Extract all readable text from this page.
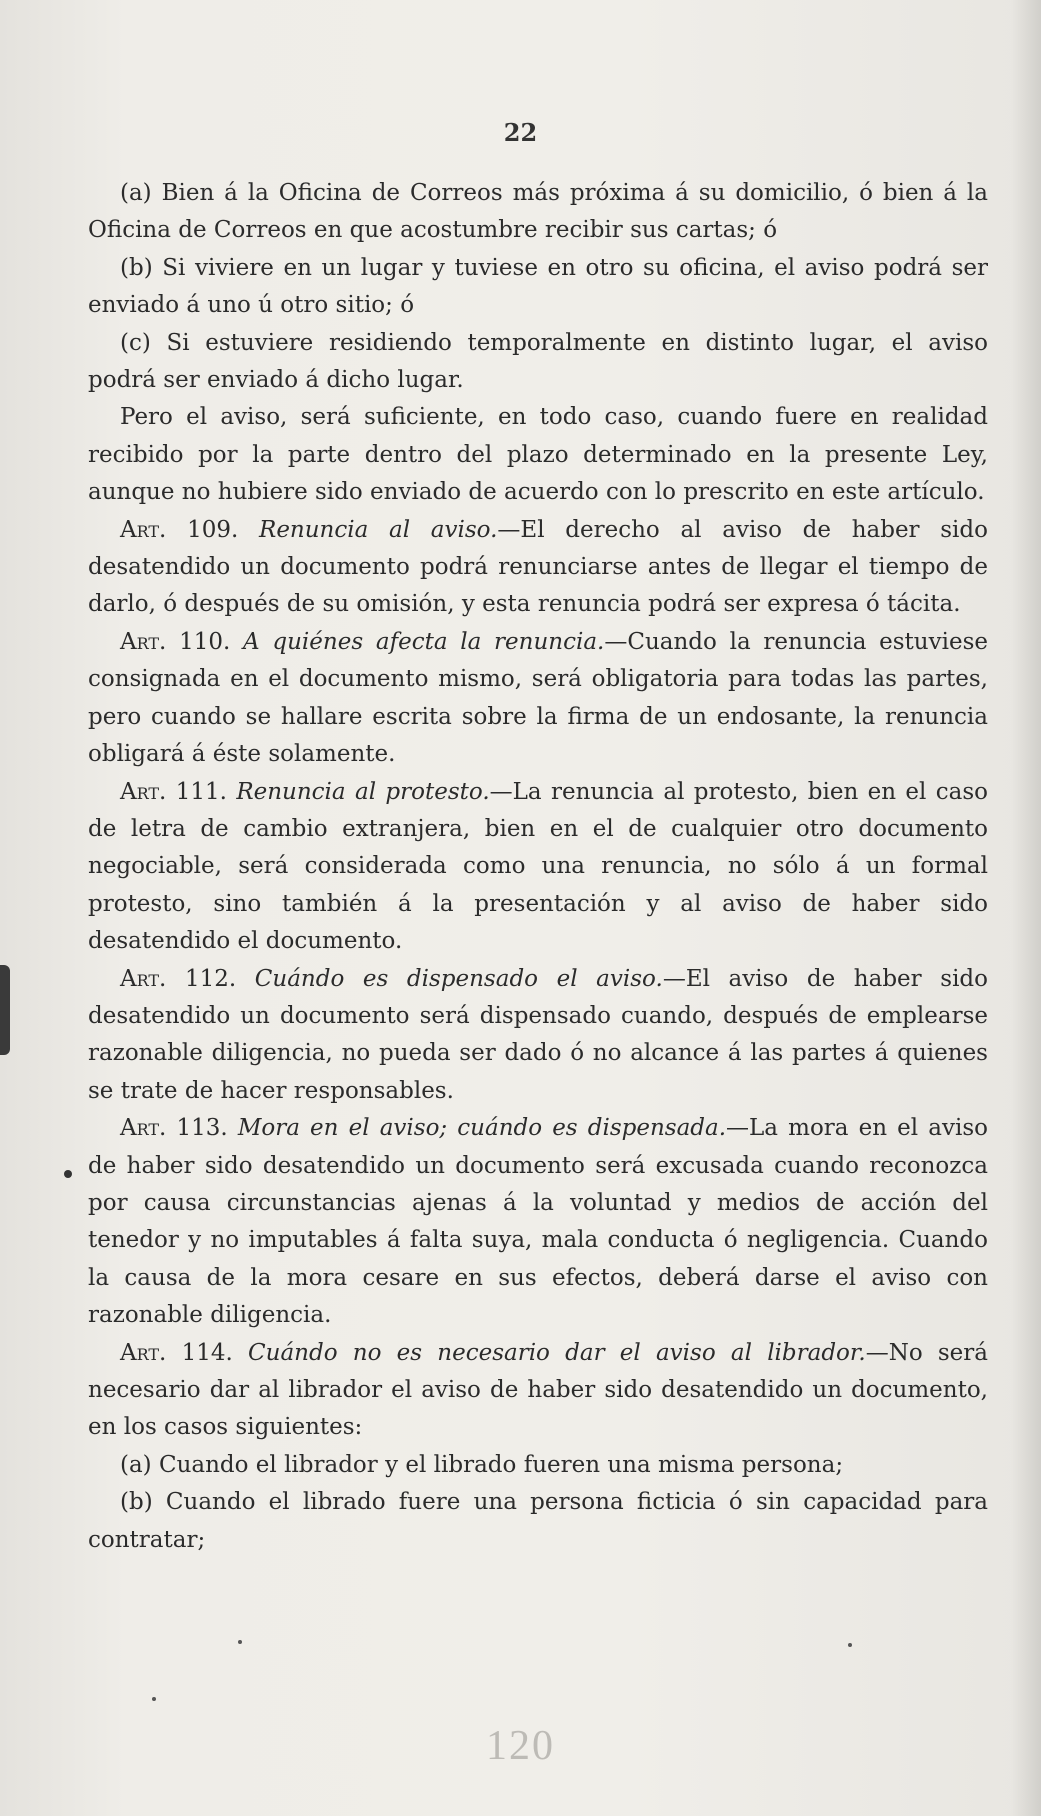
22

(a) Bien á la Oficina de Correos más próxima á su domicilio, ó bien á la Oficina de Correos en que acostumbre recibir sus cartas; ó

(b) Si viviere en un lugar y tuviese en otro su oficina, el aviso podrá ser enviado á uno ú otro sitio; ó

(c) Si estuviere residiendo temporalmente en distinto lugar, el aviso podrá ser enviado á dicho lugar.

Pero el aviso, será suficiente, en todo caso, cuando fuere en realidad recibido por la parte dentro del plazo determinado en la presente Ley, aunque no hubiere sido enviado de acuerdo con lo prescrito en este artículo.

Art. 109. Renuncia al aviso.—El derecho al aviso de haber sido desatendido un documento podrá renunciarse antes de llegar el tiempo de darlo, ó después de su omisión, y esta renuncia podrá ser expresa ó tácita.

Art. 110. A quiénes afecta la renuncia.—Cuando la renuncia estuviese consignada en el documento mismo, será obligatoria para todas las partes, pero cuando se hallare escrita sobre la firma de un endosante, la renuncia obligará á éste solamente.

Art. 111. Renuncia al protesto.—La renuncia al protesto, bien en el caso de letra de cambio extranjera, bien en el de cualquier otro documento negociable, será considerada como una renuncia, no sólo á un formal protesto, sino también á la presentación y al aviso de haber sido desatendido el documento.

Art. 112. Cuándo es dispensado el aviso.—El aviso de haber sido desatendido un documento será dispensado cuando, después de emplearse razonable diligencia, no pueda ser dado ó no alcance á las partes á quienes se trate de hacer responsables.

Art. 113. Mora en el aviso; cuándo es dispensada.—La mora en el aviso de haber sido desatendido un documento será excusada cuando reconozca por causa circunstancias ajenas á la voluntad y medios de acción del tenedor y no imputables á falta suya, mala conducta ó negligencia. Cuando la causa de la mora cesare en sus efectos, deberá darse el aviso con razonable diligencia.

Art. 114. Cuándo no es necesario dar el aviso al librador.—No será necesario dar al librador el aviso de haber sido desatendido un documento, en los casos siguientes:

(a) Cuando el librador y el librado fueren una misma persona;

(b) Cuando el librado fuere una persona ficticia ó sin capacidad para contratar;

120
